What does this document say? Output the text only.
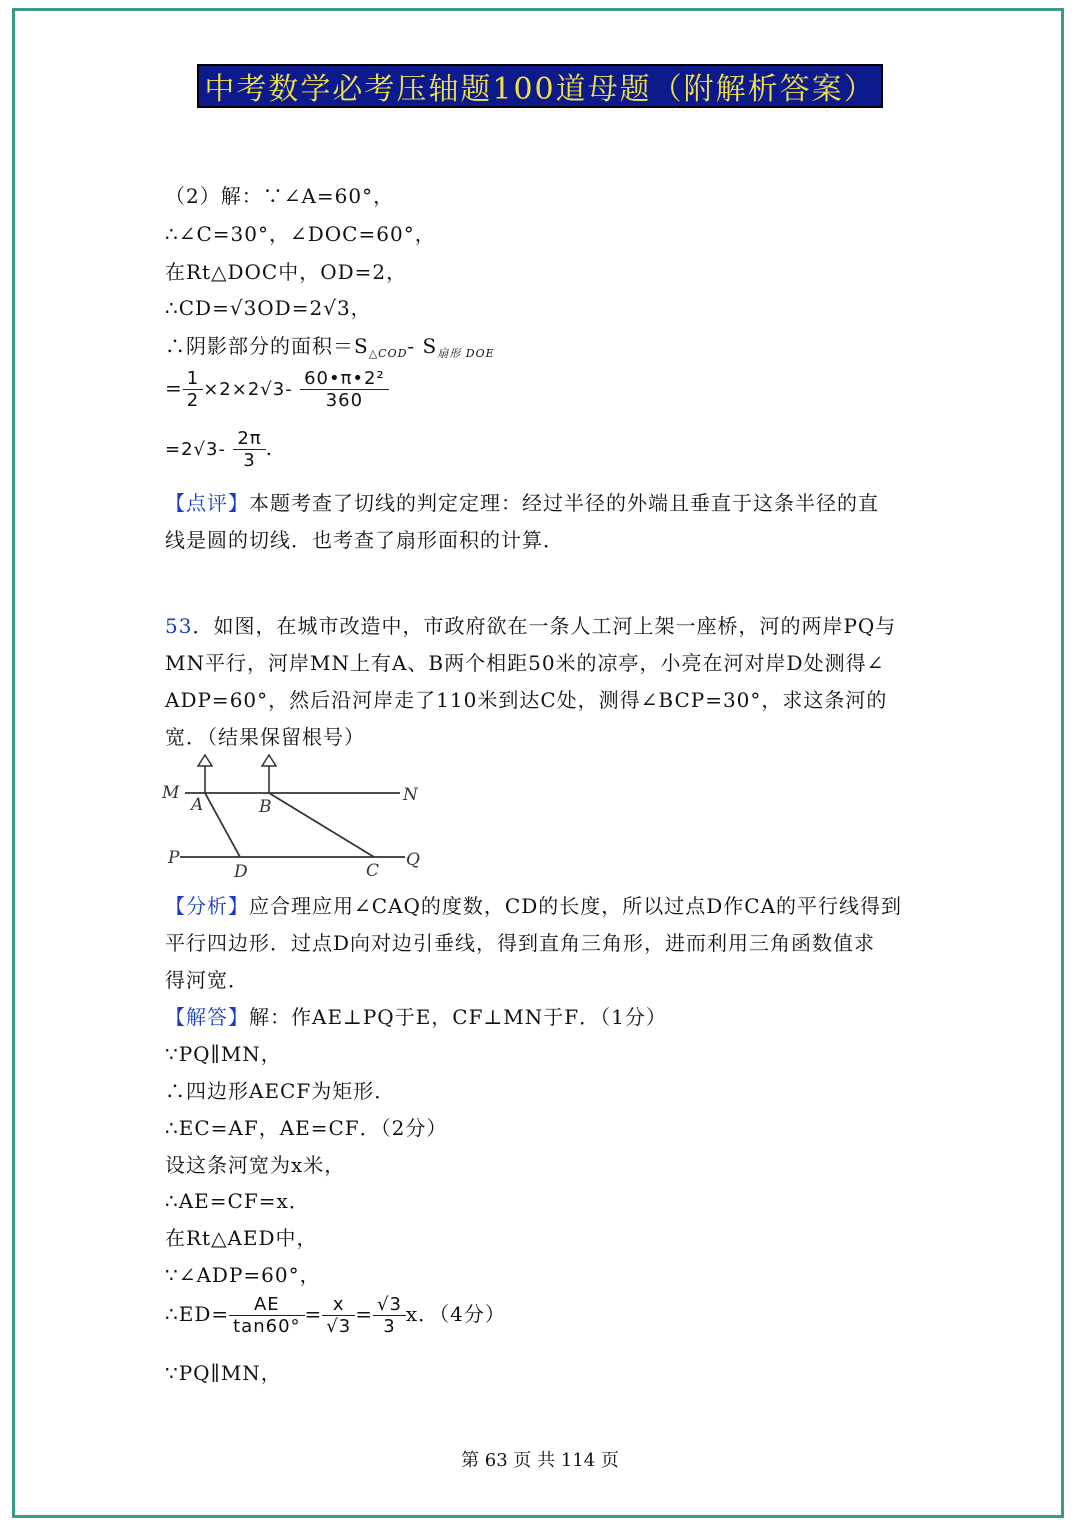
中考数学必考压轴题100道母题（附解析答案）
（2）解：∵∠A=60°，
∴∠C=30°，∠DOC=60°，
在Rt△DOC中，OD=2，
∴CD=√3OD=2√3，
∴阴影部分的面积$=S_{\triangle COD}-$ $S_{扇形 DOE}$
= $\frac{1}{2} \times 2\times 2√3- \frac{\text{60•π•2²}}{360}$
$=2√3- \frac{2\pi}{3}$ .
【点评】本题考查了切线的判定定理：经过半径的外端且垂直于这条半径的直
线是圆的切线．也考查了扇形面积的计算．
53．如图，在城市改造中，市政府欲在一条人工河上架一座桥，河的两岸PQ与
MN平行，河岸MN上有A、B两个相距50米的凉亭，小亮在河对岸D处测得∠
ADP=60°，然后沿河岸走了110米到达C处，测得∠BCP=30°，求这条河的
宽．（结果保留根号）
M	N
A	B
P	Q
D	C
【分析】应合理应用∠CAQ的度数，CD的长度，所以过点D作CA的平行线得到
平行四边形．过点D向对边引垂线，得到直角三角形，进而利用三角函数值求
得河宽．
【解答】解：作AE⊥PQ于E，CF⊥MN于F．（1分）
∵PQ∥MN，
∴四边形AECF为矩形．
∴EC=AF，AE=CF．（2分）
设这条河宽为x米，
∴AE=CF=x．
在Rt△AED中，
∵∠ADP=60°，
∴ED= $\frac{AE}{\tan 60^\circ} = \frac{x}{√3} = \frac{√3}{3}$ x．（4分）
∵PQ∥MN，
第 63 页 共 114 页
